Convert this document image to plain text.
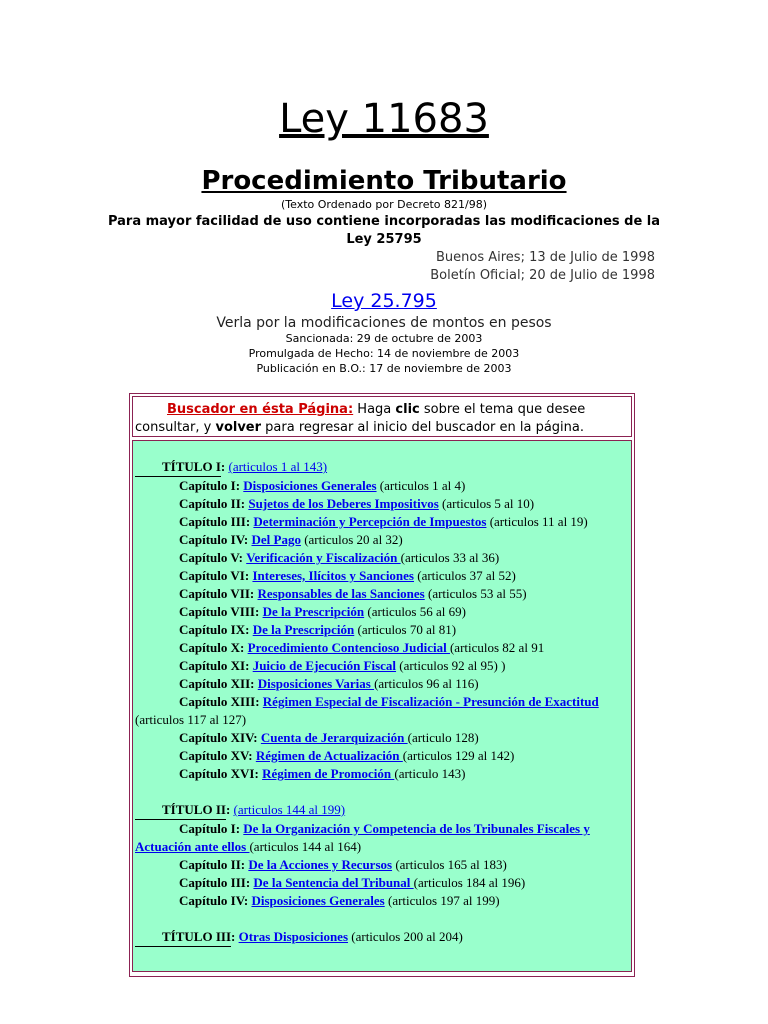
Ley 11683
Procedimiento Tributario
(Texto Ordenado por Decreto 821/98)
Para mayor facilidad de uso contiene incorporadas las modificaciones de la Ley 25795
Buenos Aires; 13 de Julio de 1998
Boletín Oficial; 20 de Julio de 1998
Ley 25.795
Verla por la modificaciones de montos en pesos
Sancionada: 29 de octubre de 2003
Promulgada de Hecho: 14 de noviembre de 2003
Publicación en B.O.: 17 de noviembre de 2003
Buscador en ésta Página: Haga clic sobre el tema que desee consultar, y volver para regresar al inicio del buscador en la página.
TÍTULO I: (articulos 1 al 143)
Capítulo I: Disposiciones Generales (articulos 1 al 4)
Capítulo II: Sujetos de los Deberes Impositivos (articulos 5 al 10)
Capítulo III: Determinación y Percepción de Impuestos (articulos 11 al 19)
Capítulo IV: Del Pago (articulos 20 al 32)
Capítulo V: Verificación y Fiscalización (articulos 33 al 36)
Capítulo VI: Intereses, Ilícitos y Sanciones (articulos 37 al 52)
Capítulo VII: Responsables de las Sanciones (articulos 53 al 55)
Capítulo VIII: De la Prescripción (articulos 56 al 69)
Capítulo IX: De la Prescripción (articulos 70 al 81)
Capítulo X: Procedimiento Contencioso Judicial (articulos 82 al 91
Capítulo XI: Juicio de Ejecución Fiscal (articulos 92 al 95) )
Capítulo XII: Disposiciones Varias (articulos 96 al 116)
Capítulo XIII: Régimen Especial de Fiscalización - Presunción de Exactitud (articulos 117 al 127)
Capítulo XIV: Cuenta de Jerarquización (articulo 128)
Capítulo XV: Régimen de Actualización (articulos 129 al 142)
Capítulo XVI: Régimen de Promoción (articulo 143)
TÍTULO II: (articulos 144 al 199)
Capítulo I: De la Organización y Competencia de los Tribunales Fiscales y Actuación ante ellos (articulos 144 al 164)
Capítulo II: De la Acciones y Recursos (articulos 165 al 183)
Capítulo III: De la Sentencia del Tribunal (articulos 184 al 196)
Capítulo IV: Disposiciones Generales (articulos 197 al 199)
TÍTULO III: Otras Disposiciones (articulos 200 al 204)
